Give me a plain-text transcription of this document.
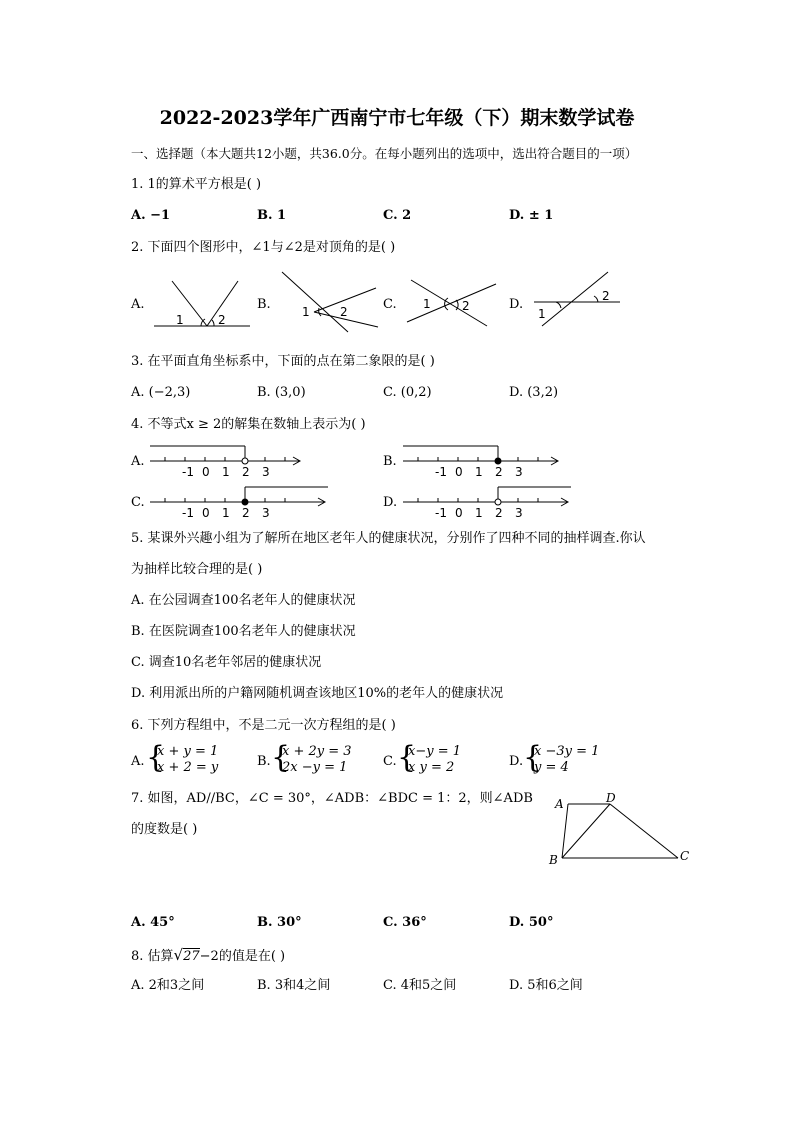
2022-2023学年广西南宁市七年级（下）期末数学试卷
一、选择题（本大题共12小题，共36.0分。在每小题列出的选项中，选出符合题目的一项）
1. 1的算术平方根是( )
A. −1	B. 1	C. 2	D. ± 1
2. 下面四个图形中，∠1与∠2是对顶角的是( )
A.	B.	C.	D.
1	2
1	2
1	2
2
1
3. 在平面直角坐标系中，下面的点在第二象限的是( )
A. (−2,3)	B. (3,0)	C. (0,2)	D. (3,2)
4. 不等式x ≥ 2的解集在数轴上表示为( )
A.	B.
C.	D.
-1 0 1 2 3	-1 0 1 2 3
-1 0 1 2 3	-1 0 1 2 3
5. 某课外兴趣小组为了解所在地区老年人的健康状况，分别作了四种不同的抽样调查.你认
为抽样比较合理的是( )
A. 在公园调查100名老年人的健康状况
B. 在医院调查100名老年人的健康状况
C. 调查10名老年邻居的健康状况
D. 利用派出所的户籍网随机调查该地区10%的老年人的健康状况
6. 下列方程组中，不是二元一次方程组的是( )
A. {
x + y = 1
x + 2 = y	B. {
x + 2y = 3
2x −y = 1	C. {
x−y = 1
x y = 2	D. {
x −3y = 1
y = 4
7. 如图，AD//BC，∠C = 30°，∠ADB：∠BDC = 1：2，则∠ADB
的度数是( )
A	D
B	C
A. 45°	B. 30°	C. 36°	D. 50°
8. 估算√27−2的值是在( )
A. 2和3之间	B. 3和4之间	C. 4和5之间	D. 5和6之间
